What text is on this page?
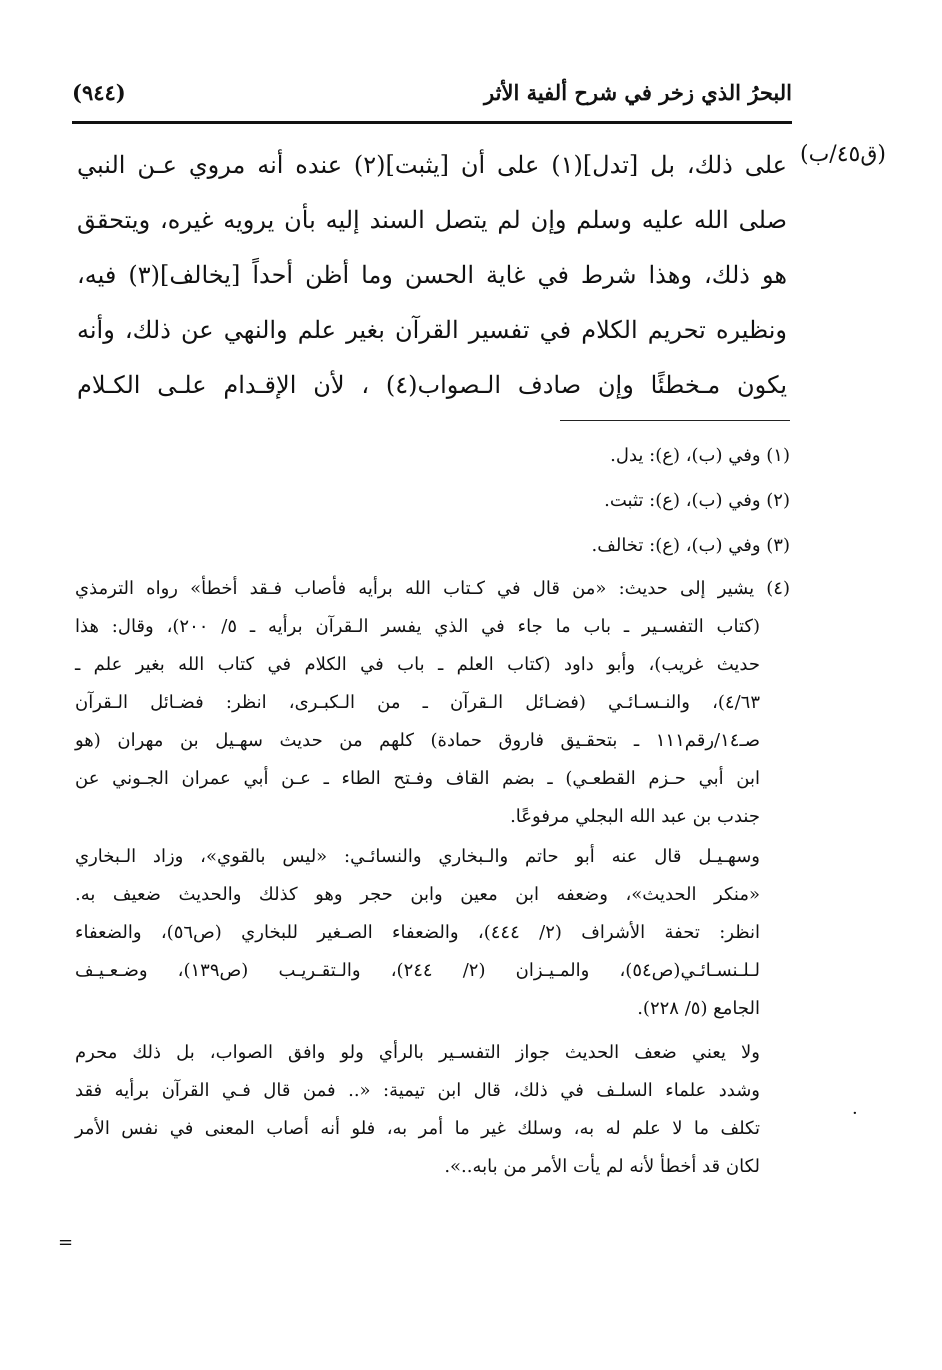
البحرُ الذي زخر في شرح ألفية الأثر
(٩٤٤)
(ق٤٥/ب)

على ذلك، بل [تدل](١) على أن [يثبت](٢) عنده أنه مروي عـن النبي

صلى الله عليه وسلم وإن لم يتصل السند إليه بأن يرويه غيره، ويتحقق

هو ذلك، وهذا شرط في غاية الحسن وما أظن أحداً [يخالف](٣) فيه،

ونظيره تحريم الكلام في تفسير القرآن بغير علم والنهي عن ذلك، وأنه

يكون مـخطئًا وإن صادف الـصواب(٤) ، لأن الإقـدام علـى الكـلام

(١) وفي (ب)، (ع): يدل.

(٢) وفي (ب)، (ع): تثبت.

(٣) وفي (ب)، (ع): تخالف.

(٤) يشير إلى حديث: «من قال في كـتاب الله برأيه فأصاب فـقد أخطأ» رواه الترمذي
(كتاب التفسـير ـ باب ما جاء في الذي يفسر الـقرآن برأيه ـ ٥/ ٢٠٠)، وقال: هذا
حديث غريب)، وأبو داود (كتاب العلم ـ باب في الكلام في كتاب الله بغير علم ـ
٤/٦٣)، والنـسـائـي (فضـائل الـقرآن ـ من الـكبـرى، انظر: فضـائل الـقرآن
صـ١٤/رقم١١١ ـ بتحقـيق فاروق حمادة) كلهم من حديث سهـيل بن مهران (هو
ابن أبي حـزم القطعـي) ـ بضم القاف وفـتح الطاء ـ عـن أبي عمران الجـوني عن
جندب بن عبد الله البجلي مرفوعًا.
وسهـيـل قال عنه أبو حاتم والـبخاري والنسائـي: «ليس بالقوي»، وزاد الـبخاري
«منكر الحديث»، وضعفه ابن معين وابن حجر وهو كذلك والحديث ضعيف به.
انظر: تحفة الأشراف (٢/ ٤٤٤)، والضعفاء الصـغير للبخاري (ص٥٦)، والضعفاء
لـلـنسـائـي(ص٥٤)، والمـيـزان (٢/ ٢٤٤)، والـتقـريـب (ص١٣٩)، وضـعـيـف
الجامع (٥/ ٢٢٨).
ولا يعني ضعف الحديث جواز التفسـير بالرأي ولو وافق الصواب، بل ذلك محرم
وشدد علماء السلـف في ذلك، قال ابن تيمية: «.. فمن قال فـي القرآن برأيه فقد
تكلف ما لا علم له به، وسلك غير ما أمر به، فلو أنه أصاب المعنى في نفس الأمر
لكان قد أخطأ لأنه لم يأت الأمر من بابه..».
·
=
